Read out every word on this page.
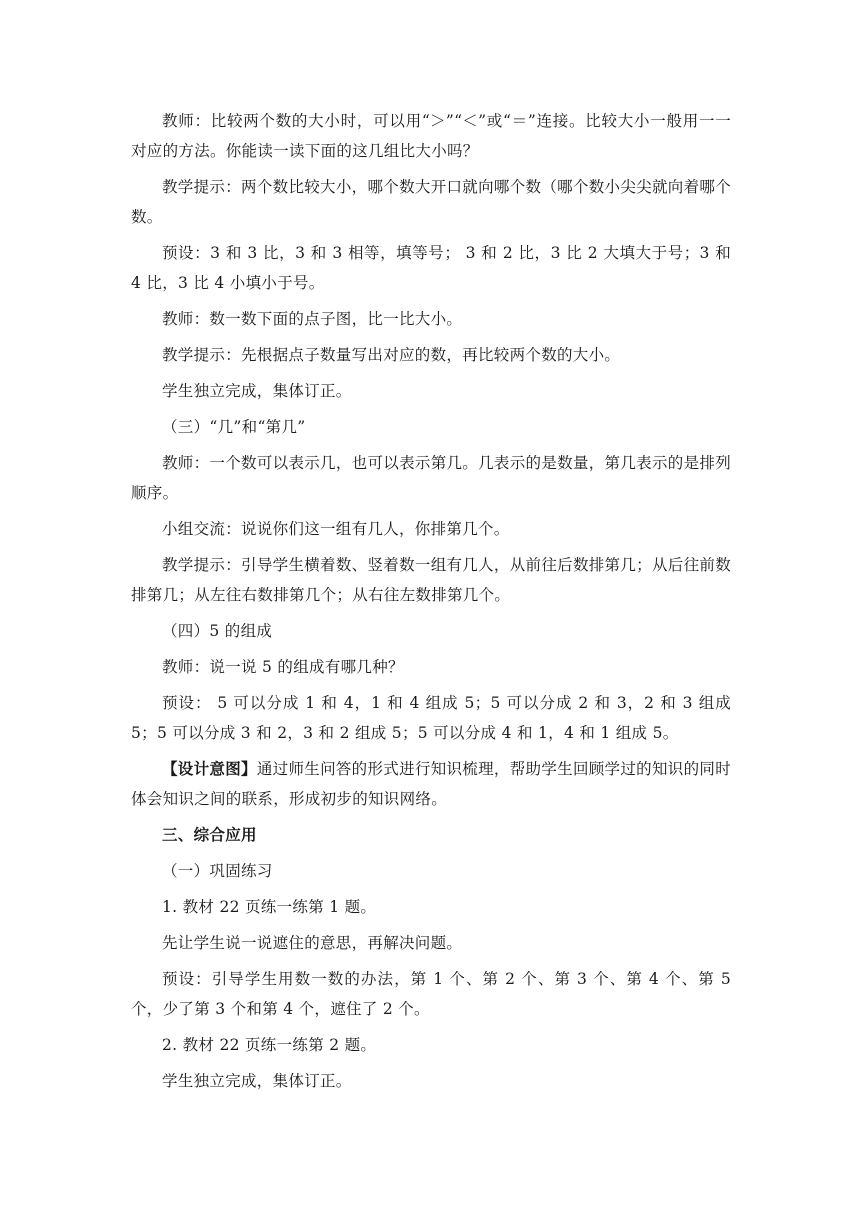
教师：比较两个数的大小时，可以用“＞”“＜”或“＝”连接。比较大小一般用一一对应的方法。你能读一读下面的这几组比大小吗？

教学提示：两个数比较大小，哪个数大开口就向哪个数（哪个数小尖尖就向着哪个数。

预设：3 和 3 比，3 和 3 相等，填等号； 3 和 2 比，3 比 2 大填大于号；3 和 4 比，3 比 4 小填小于号。

教师：数一数下面的点子图，比一比大小。

教学提示：先根据点子数量写出对应的数，再比较两个数的大小。

学生独立完成，集体订正。

（三）“几”和“第几”

教师：一个数可以表示几，也可以表示第几。几表示的是数量，第几表示的是排列顺序。

小组交流：说说你们这一组有几人，你排第几个。

教学提示：引导学生横着数、竖着数一组有几人，从前往后数排第几；从后往前数排第几；从左往右数排第几个；从右往左数排第几个。

（四）5 的组成

教师：说一说 5 的组成有哪几种？

预设： 5 可以分成 1 和 4，1 和 4 组成 5；5 可以分成 2 和 3，2 和 3 组成 5；5 可以分成 3 和 2，3 和 2 组成 5；5 可以分成 4 和 1，4 和 1 组成 5。

【设计意图】通过师生问答的形式进行知识梳理，帮助学生回顾学过的知识的同时体会知识之间的联系，形成初步的知识网络。

三、综合应用

（一）巩固练习

1. 教材 22 页练一练第 1 题。

先让学生说一说遮住的意思，再解决问题。

预设：引导学生用数一数的办法，第 1 个、第 2 个、第 3 个、第 4 个、第 5 个，少了第 3 个和第 4 个，遮住了 2 个。

2. 教材 22 页练一练第 2 题。

学生独立完成，集体订正。
